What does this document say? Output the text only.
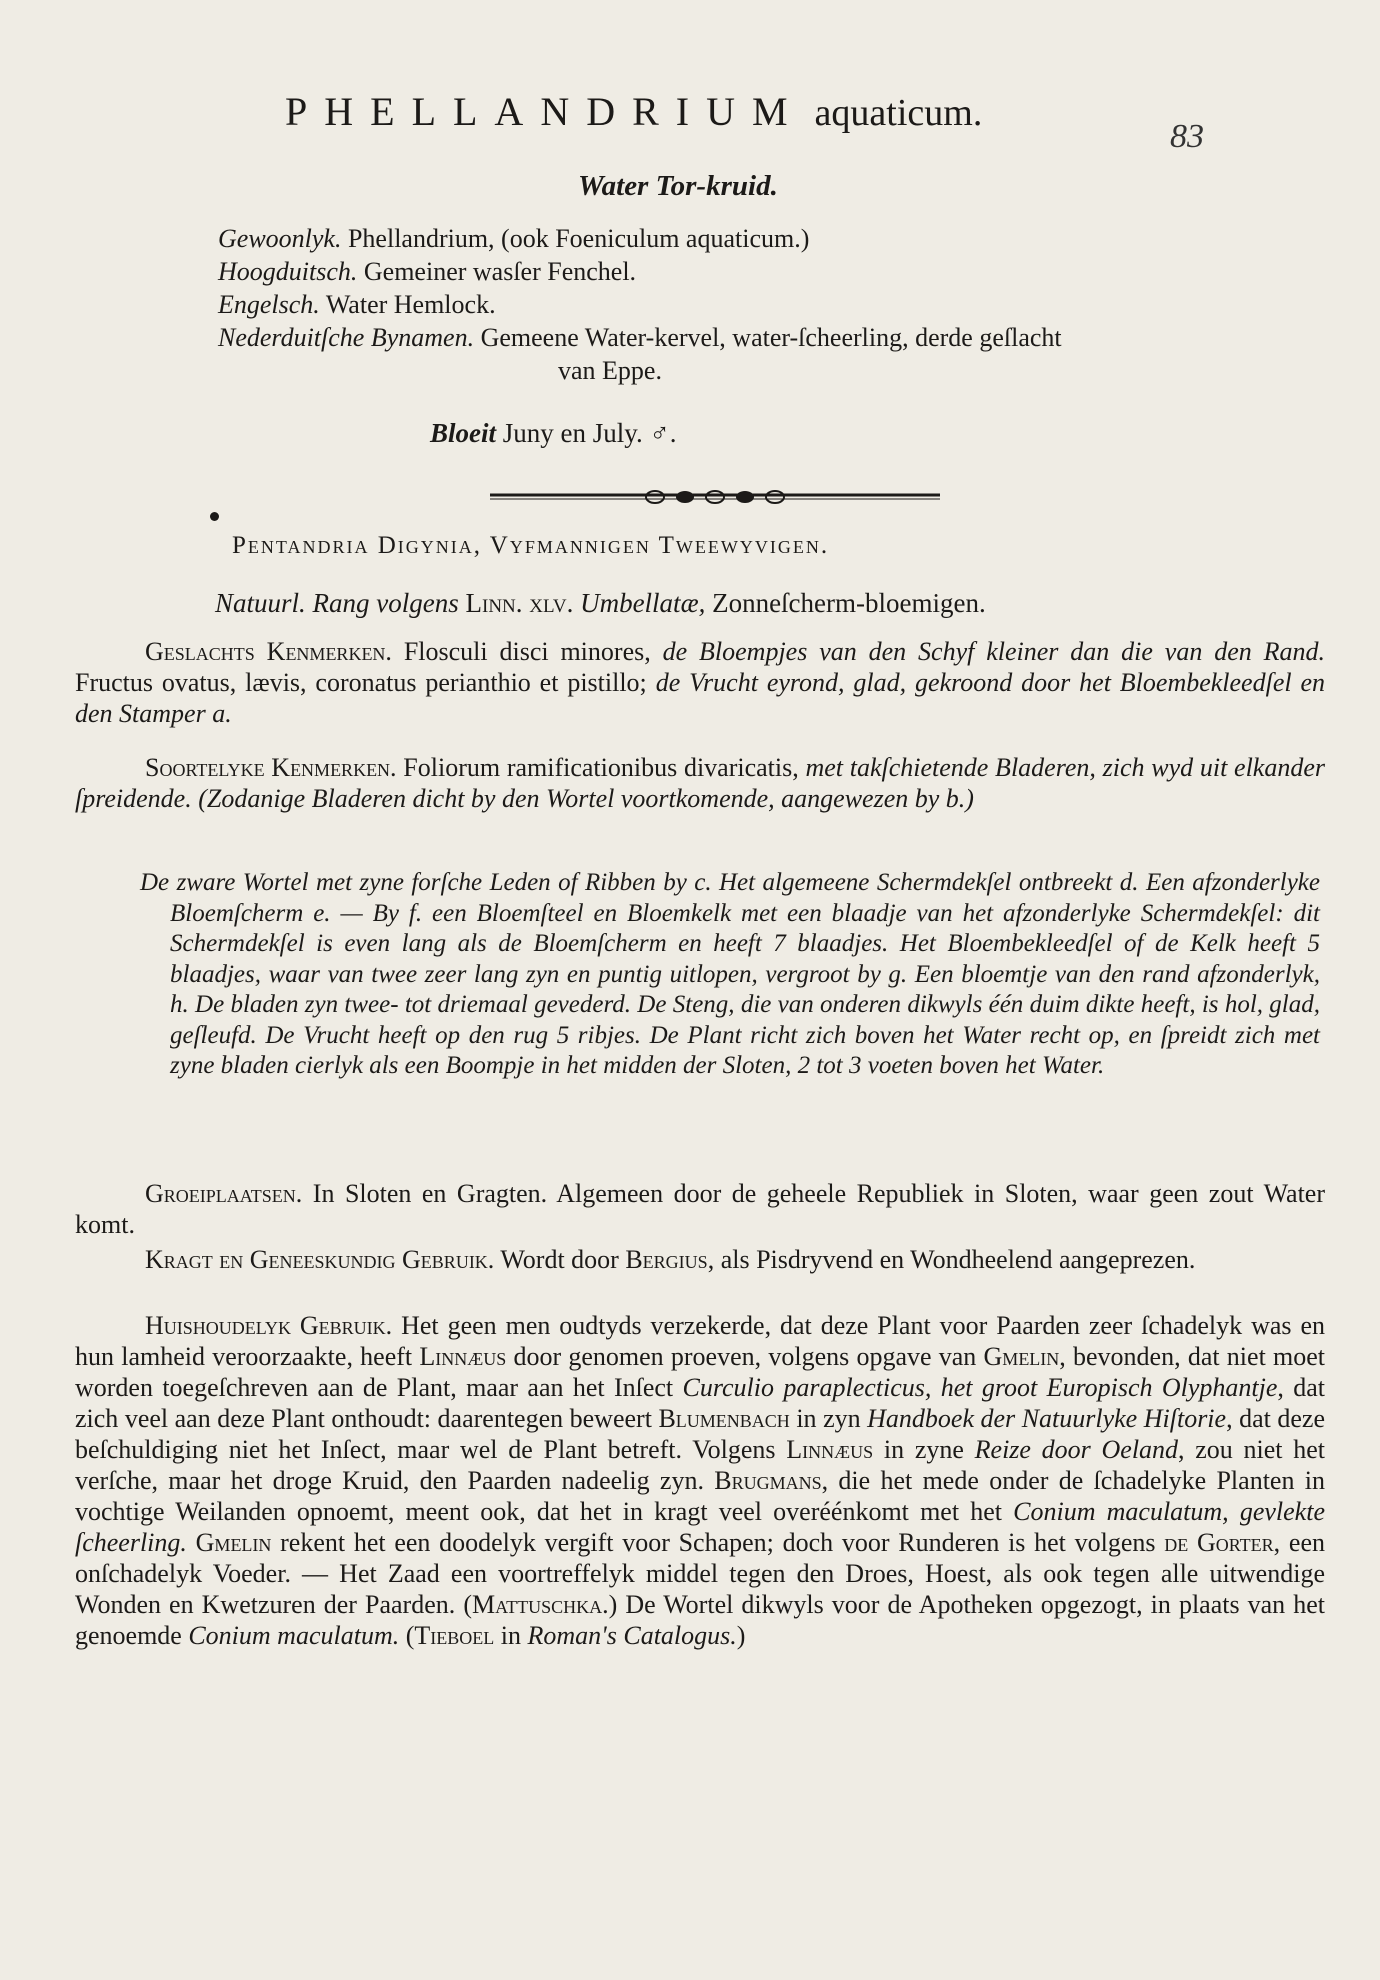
PHELLANDRIUM aquaticum.
83
Water Tor-kruid.
Gewoonlyk. Phellandrium, (ook Foeniculum aquaticum.)
Hoogduitsch. Gemeiner wasſer Fenchel.
Engelsch. Water Hemlock.
Nederduitſche Bynamen. Gemeene Water-kervel, water-ſcheerling, derde geſlacht
van Eppe.
Bloeit Juny en July. ♂.
Pentandria Digynia, Vyfmannigen Tweewyvigen.
Natuurl. Rang volgens Linn. xlv. Umbellatæ, Zonneſcherm-bloemigen.

Geslachts Kenmerken. Flosculi disci minores, de Bloempjes van den Schyf kleiner dan die van den Rand. Fructus ovatus, lævis, coronatus perianthio et pistillo; de Vrucht eyrond, glad, gekroond door het Bloembekleedſel en den Stamper a.

Soortelyke Kenmerken. Foliorum ramificationibus divaricatis, met takſchietende Bladeren, zich wyd uit elkander ſpreidende. (Zodanige Bladeren dicht by den Wortel voortkomende, aangewezen by b.)

De zware Wortel met zyne forſche Leden of Ribben by c. Het algemeene Schermdekſel ontbreekt d. Een afzonderlyke Bloemſcherm e. — By f. een Bloemſteel en Bloemkelk met een blaadje van het afzonderlyke Schermdekſel: dit Schermdekſel is even lang als de Bloemſcherm en heeft 7 blaadjes. Het Bloembekleedſel of de Kelk heeft 5 blaadjes, waar van twee zeer lang zyn en puntig uitlopen, vergroot by g. Een bloemtje van den rand afzonderlyk, h. De bladen zyn twee- tot driemaal gevederd. De Steng, die van onderen dikwyls één duim dikte heeft, is hol, glad, geſleufd. De Vrucht heeft op den rug 5 ribjes. De Plant richt zich boven het Water recht op, en ſpreidt zich met zyne bladen cierlyk als een Boompje in het midden der Sloten, 2 tot 3 voeten boven het Water.

Groeiplaatsen. In Sloten en Gragten. Algemeen door de geheele Republiek in Sloten, waar geen zout Water komt.

Kragt en Geneeskundig Gebruik. Wordt door Bergius, als Pisdryvend en Wondheelend aangeprezen.

Huishoudelyk Gebruik. Het geen men oudtyds verzekerde, dat deze Plant voor Paarden zeer ſchadelyk was en hun lamheid veroorzaakte, heeft Linnæus door genomen proeven, volgens opgave van Gmelin, bevonden, dat niet moet worden toegeſchreven aan de Plant, maar aan het Inſect Curculio paraplecticus, het groot Europisch Olyphantje, dat zich veel aan deze Plant onthoudt: daarentegen beweert Blumenbach in zyn Handboek der Natuurlyke Hiſtorie, dat deze beſchuldiging niet het Inſect, maar wel de Plant betreft. Volgens Linnæus in zyne Reize door Oeland, zou niet het verſche, maar het droge Kruid, den Paarden nadeelig zyn. Brugmans, die het mede onder de ſchadelyke Planten in vochtige Weilanden opnoemt, meent ook, dat het in kragt veel overéénkomt met het Conium maculatum, gevlekte ſcheerling. Gmelin rekent het een doodelyk vergift voor Schapen; doch voor Runderen is het volgens de Gorter, een onſchadelyk Voeder. — Het Zaad een voortreffelyk middel tegen den Droes, Hoest, als ook tegen alle uitwendige Wonden en Kwetzuren der Paarden. (Mattuschka.) De Wortel dikwyls voor de Apotheken opgezogt, in plaats van het genoemde Conium maculatum. (Tieboel in Roman's Catalogus.)
